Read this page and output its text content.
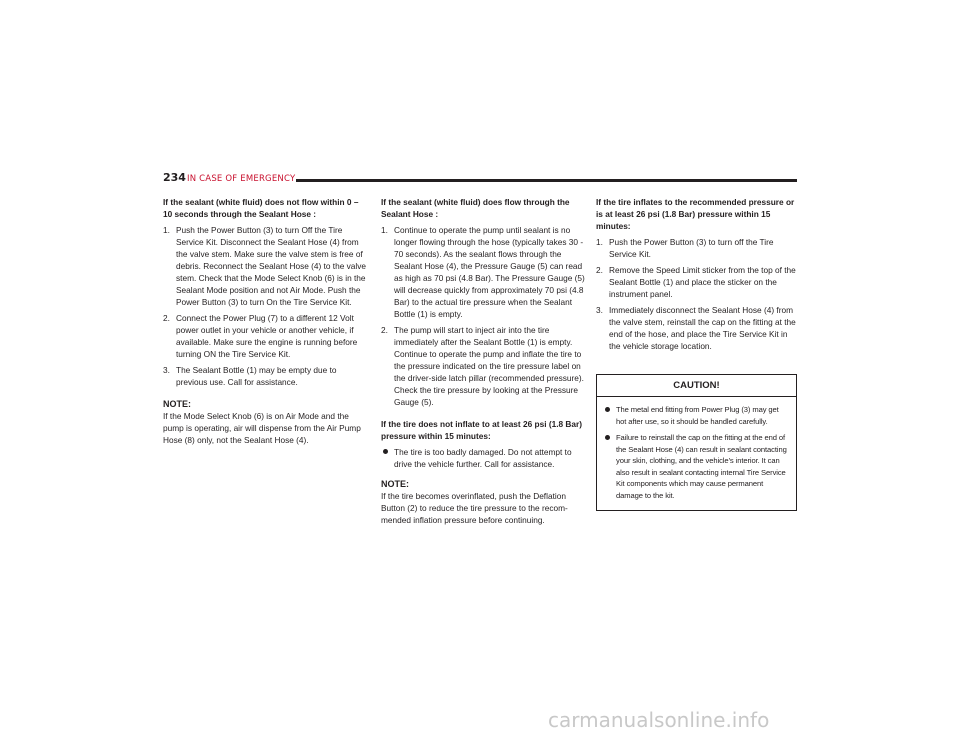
234 IN CASE OF EMERGENCY

If the sealant (white fluid) does not flow within 0 – 10 seconds through the Sealant Hose :

1. Push the Power Button (3) to turn Off the Tire Service Kit. Disconnect the Sealant Hose (4) from the valve stem. Make sure the valve stem is free of debris. Reconnect the Sealant Hose (4) to the valve stem. Check that the Mode Select Knob (6) is in the Sealant Mode position and not Air Mode. Push the Power Button (3) to turn On the Tire Service Kit.
2. Connect the Power Plug (7) to a different 12 Volt power outlet in your vehicle or another vehicle, if available. Make sure the engine is running before turning ON the Tire Service Kit.
3. The Sealant Bottle (1) may be empty due to previous use. Call for assistance.
NOTE:

If the Mode Select Knob (6) is on Air Mode and the pump is operating, air will dispense from the Air Pump Hose (8) only, not the Sealant Hose (4).

If the sealant (white fluid) does flow through the Sealant Hose :

1. Continue to operate the pump until sealant is no longer flowing through the hose (typically takes 30 - 70 seconds). As the sealant flows through the Sealant Hose (4), the Pressure Gauge (5) can read as high as 70 psi (4.8 Bar). The Pressure Gauge (5) will decrease quickly from approximately 70 psi (4.8 Bar) to the actual tire pressure when the Sealant Bottle (1) is empty.
2. The pump will start to inject air into the tire immediately after the Sealant Bottle (1) is empty. Continue to operate the pump and inflate the tire to the pressure indicated on the tire pressure label on the driver-side latch pillar (recommended pressure). Check the tire pressure by looking at the Pressure Gauge (5).

If the tire does not inflate to at least 26 psi (1.8 Bar) pressure within 15 minutes:

The tire is too badly damaged. Do not attempt to drive the vehicle further. Call for assistance.
NOTE:

If the tire becomes overinflated, push the Deflation Button (2) to reduce the tire pressure to the recommended inflation pressure before continuing.

If the tire inflates to the recommended pressure or is at least 26 psi (1.8 Bar) pressure within 15 minutes:

1. Push the Power Button (3) to turn off the Tire Service Kit.
2. Remove the Speed Limit sticker from the top of the Sealant Bottle (1) and place the sticker on the instrument panel.
3. Immediately disconnect the Sealant Hose (4) from the valve stem, reinstall the cap on the fitting at the end of the hose, and place the Tire Service Kit in the vehicle storage location.
CAUTION!
The metal end fitting from Power Plug (3) may get hot after use, so it should be handled carefully.
Failure to reinstall the cap on the fitting at the end of the Sealant Hose (4) can result in sealant contacting your skin, clothing, and the vehicle’s interior. It can also result in sealant contacting internal Tire Service Kit components which may cause permanent damage to the kit.
carmanualsonline.info
